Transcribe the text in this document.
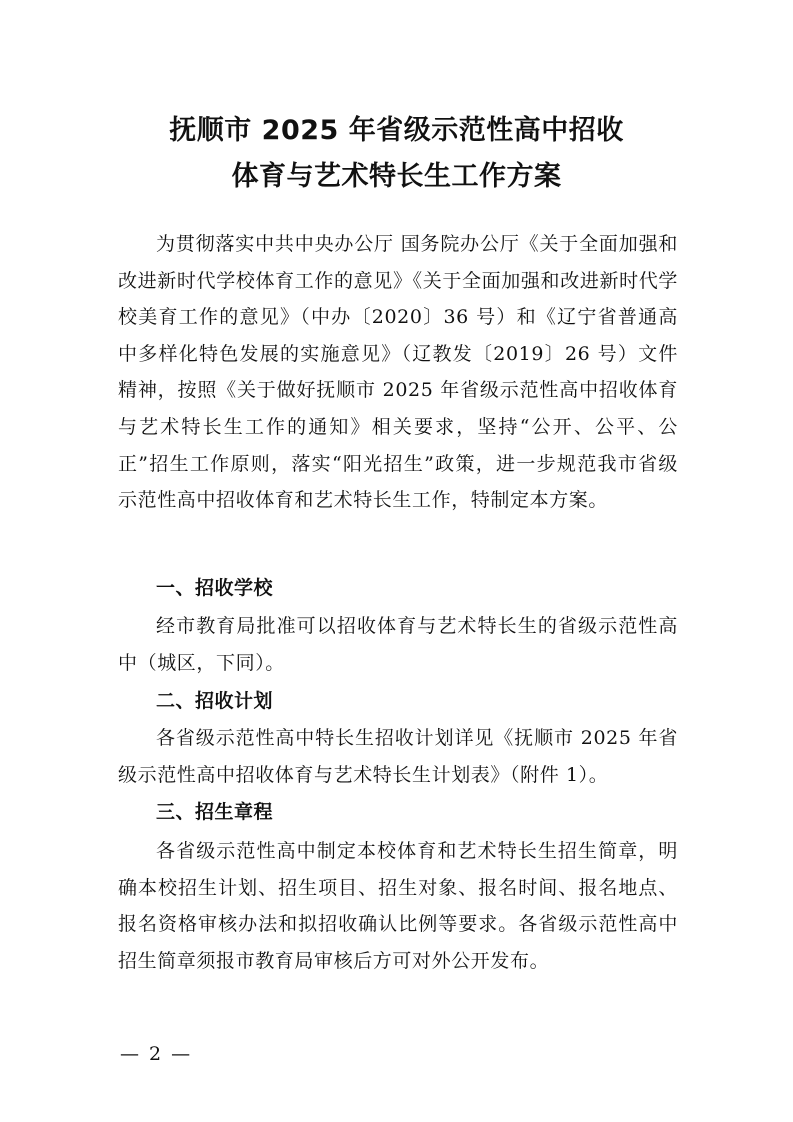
抚顺市 2025 年省级示范性高中招收
体育与艺术特长生工作方案
为贯彻落实中共中央办公厅 国务院办公厅《关于全面加强和改进新时代学校体育工作的意见》《关于全面加强和改进新时代学校美育工作的意见》（中办〔2020〕36 号）和《辽宁省普通高中多样化特色发展的实施意见》（辽教发〔2019〕26 号）文件精神，按照《关于做好抚顺市 2025 年省级示范性高中招收体育与艺术特长生工作的通知》相关要求，坚持“公开、公平、公正”招生工作原则，落实“阳光招生”政策，进一步规范我市省级示范性高中招收体育和艺术特长生工作，特制定本方案。
一、招收学校
经市教育局批准可以招收体育与艺术特长生的省级示范性高中（城区，下同）。
二、招收计划
各省级示范性高中特长生招收计划详见《抚顺市 2025 年省级示范性高中招收体育与艺术特长生计划表》（附件 1）。
三、招生章程
各省级示范性高中制定本校体育和艺术特长生招生简章，明确本校招生计划、招生项目、招生对象、报名时间、报名地点、报名资格审核办法和拟招收确认比例等要求。各省级示范性高中招生简章须报市教育局审核后方可对外公开发布。
— 2 —
